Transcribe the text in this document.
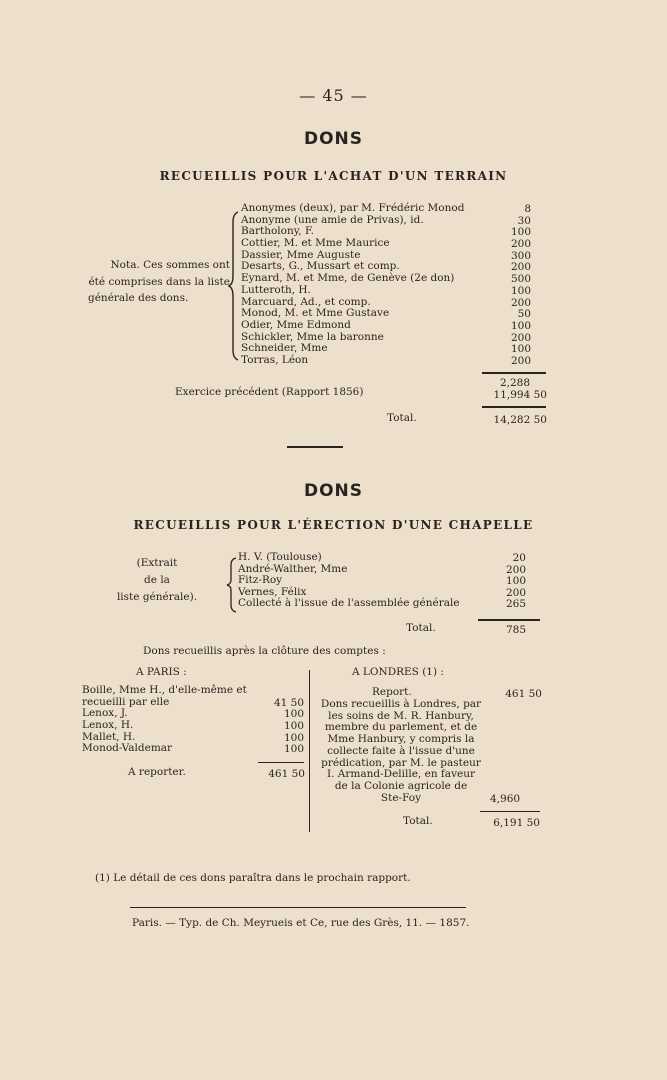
— 45 —
DONS
RECUEILLIS POUR L'ACHAT D'UN TERRAIN
Nota. Ces sommes ont
été comprises dans la liste
générale des dons.
Anonymes (deux), par M. Frédéric Monod	8
Anonyme (une amie de Privas), id.	30
Bartholony, F.	100
Cottier, M. et Mme Maurice	200
Dassier, Mme Auguste	300
Desarts, G., Mussart et comp.	200
Eynard, M. et Mme, de Genève (2e don)	500
Lutteroth, H.	100
Marcuard, Ad., et comp.	200
Monod, M. et Mme Gustave	50
Odier, Mme Edmond	100
Schickler, Mme la baronne	200
Schneider, Mme	100
Torras, Léon	200
2,288
Exercice précédent (Rapport 1856)	11,994 50
Total.	14,282 50
DONS
RECUEILLIS POUR L'ÉRECTION D'UNE CHAPELLE
(Extrait
de la
liste générale).
H. V. (Toulouse)	20
André-Walther, Mme	200
Fitz-Roy	100
Vernes, Félix	200
Collecté à l'issue de l'assemblée générale	265
Total.	785
Dons recueillis après la clôture des comptes :
A PARIS :
Boille, Mme H., d'elle-même et
recueilli par elle	41 50
Lenox, J.	100
Lenox, H.	100
Mallet, H.	100
Monod-Valdemar	100
A reporter.	461 50
A LONDRES (1) :
Report.	461 50
Dons recueillis à Londres, par
les soins de M. R. Hanbury,
membre du parlement, et de
Mme Hanbury, y compris la
collecte faite à l'issue d'une
prédication, par M. le pasteur
I. Armand-Delille, en faveur
de la Colonie agricole de
Ste-Foy	4,960
Total.	6,191 50
(1) Le détail de ces dons paraîtra dans le prochain rapport.
Paris. — Typ. de Ch. Meyrueis et Ce, rue des Grès, 11. — 1857.
